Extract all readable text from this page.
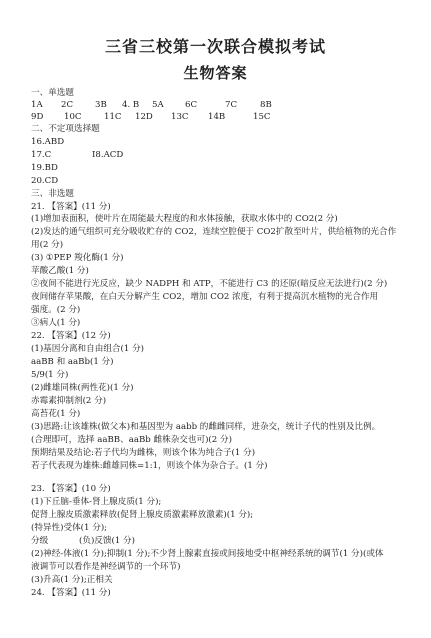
三省三校第一次联合模拟考试
生物答案
一、单选题
1A 2C	3B 4. B 5A 6C	7C	8B
9D 10C	11C 12D 13C 14B	15C
二、不定项选择题
16.ABD
17.C	I8.ACD
19.BD
20.CD
三、非选题
21. 【答案】(11 分)
(1)增加表面积，使叶片在周能最大程度的和水体接触，获取水体中的 CO2(2 分)
(2)发达的通气组织可充分吸收贮存的 CO2，连续空腔便于 CO2扩散至叶片，供给植物的光合作
用(2 分)
(3) ①PEP 羧化酶(1 分)
苹酸乙酸(1 分)
②夜间不能进行光反应，缺少 NADPH 和 ATP，不能进行 C3 的还原(暗反应无法进行)(2 分)
夜间储存苹果酸，在白天分解产生 CO2，增加 CO2 浓度，有利于提高沉水植物的光合作用
强度。(2 分)
③病人(1 分)
22. 【答案】(12 分)
(1)基因分离和自由组合(1 分)
aaBB 和 aaBb(1 分)
5/9(1 分)
(2)雌雄同株(两性花)(1 分)
赤霉素抑制剂(2 分)
高苔花(1 分)
(3)思路:让该雄株(做父本)和基因型为 aabb 的雌雌同样，进杂交，统计子代的性别及比例。
(合理即可，选择 aaBB、aaBb 雌株杂交也可)(2 分)
预期结果及结论:若子代均为雌株，则该个体为纯合子(1 分)
若子代表现为雄株:雌雄同株=1:1，则该个体为杂合子。(1 分)
23. 【答案】(10 分)
(1)下丘脑-垂体-肾上腺皮质(1 分);
促肾上腺皮质激素释放(促肾上腺皮质激素释放激素)(1 分);
(特异性)受体(1 分);
分级	(负)反馈(1 分)
(2)神经-体液(1 分);抑制(1 分);不少肾上腺素直接或间接地受中枢神经系统的调节(1 分)(或体
液调节可以看作是神经调节的一个环节)
(3)升高(1 分);正相关
24. 【答案】(11 分)
